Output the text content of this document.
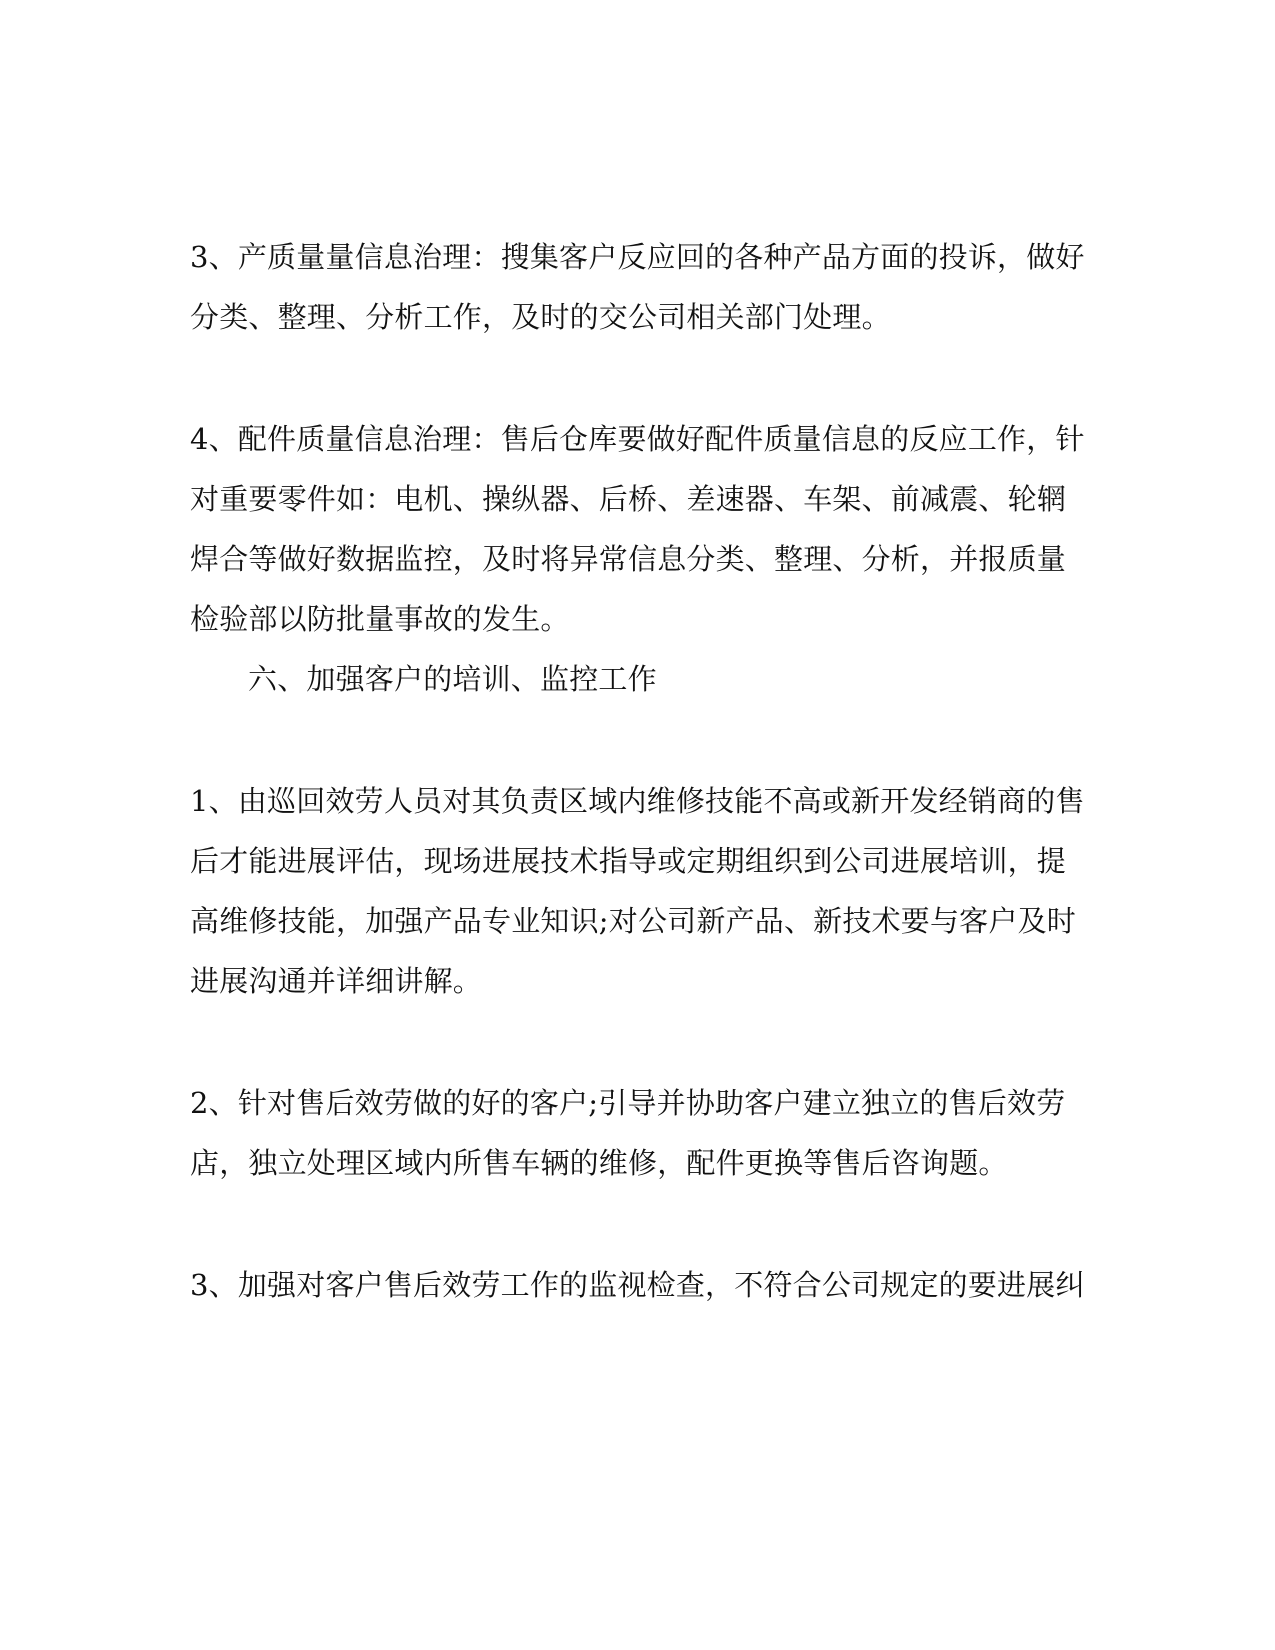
3、产质量量信息治理：搜集客户反应回的各种产品方面的投诉，做好
分类、整理、分析工作，及时的交公司相关部门处理。
4、配件质量信息治理：售后仓库要做好配件质量信息的反应工作，针
对重要零件如：电机、操纵器、后桥、差速器、车架、前减震、轮辋
焊合等做好数据监控，及时将异常信息分类、整理、分析，并报质量
检验部以防批量事故的发生。
六、加强客户的培训、监控工作
1、由巡回效劳人员对其负责区域内维修技能不高或新开发经销商的售
后才能进展评估，现场进展技术指导或定期组织到公司进展培训，提
高维修技能，加强产品专业知识;对公司新产品、新技术要与客户及时
进展沟通并详细讲解。
2、针对售后效劳做的好的客户;引导并协助客户建立独立的售后效劳
店，独立处理区域内所售车辆的维修，配件更换等售后咨询题。
3、加强对客户售后效劳工作的监视检查，不符合公司规定的要进展纠
